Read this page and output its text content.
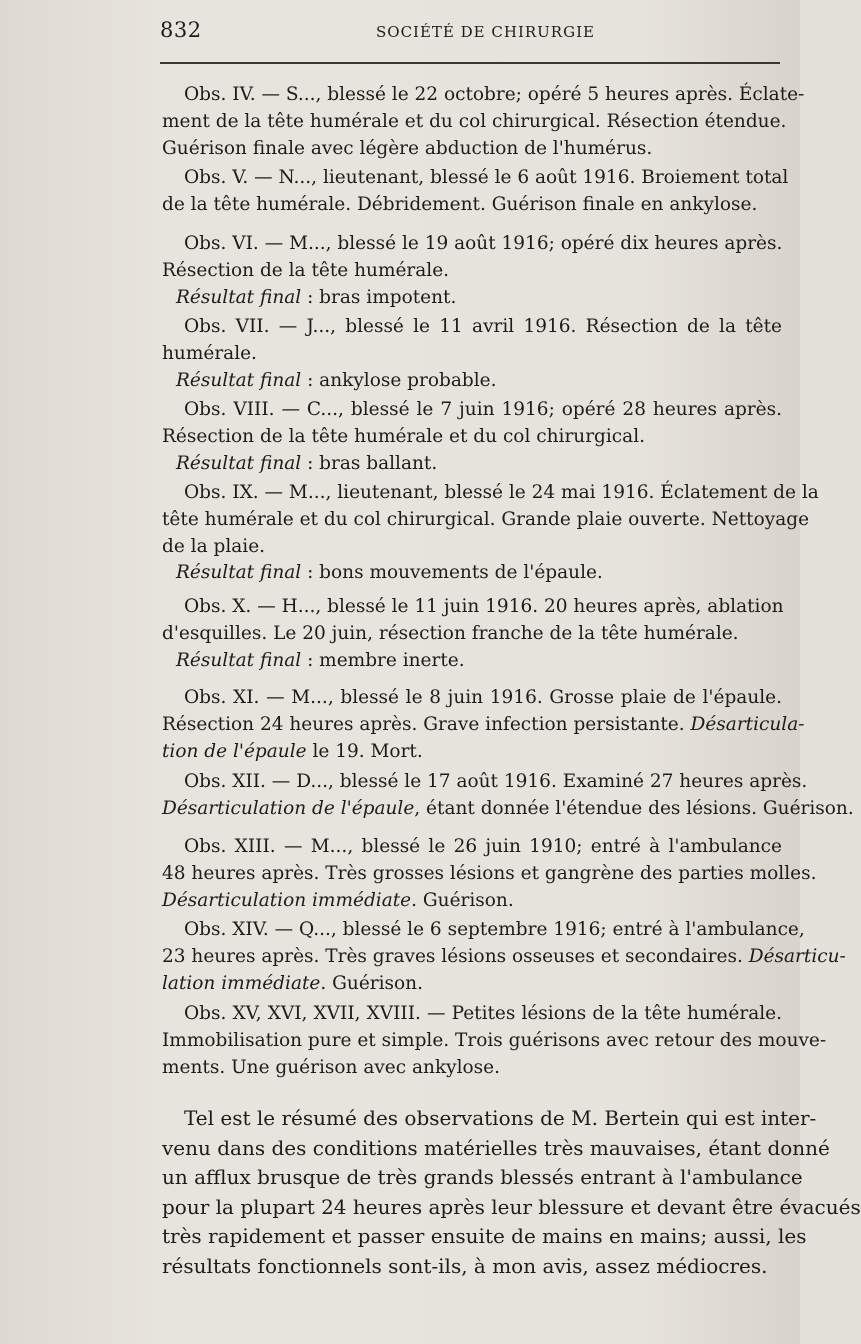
832	SOCIÉTÉ DE CHIRURGIE
Obs. IV. — S..., blessé le 22 octobre; opéré 5 heures après. Éclate-
ment de la tête humérale et du col chirurgical. Résection étendue.
Guérison finale avec légère abduction de l'humérus.
Obs. V. — N..., lieutenant, blessé le 6 août 1916. Broiement total
de la tête humérale. Débridement. Guérison finale en ankylose.
Obs. VI. — M..., blessé le 19 août 1916; opéré dix heures après.
Résection de la tête humérale.
Résultat final : bras impotent.
Obs. VII. — J..., blessé le 11 avril 1916. Résection de la tête
humérale.
Résultat final : ankylose probable.
Obs. VIII. — C..., blessé le 7 juin 1916; opéré 28 heures après.
Résection de la tête humérale et du col chirurgical.
Résultat final : bras ballant.
Obs. IX. — M..., lieutenant, blessé le 24 mai 1916. Éclatement de la
tête humérale et du col chirurgical. Grande plaie ouverte. Nettoyage
de la plaie.
Résultat final : bons mouvements de l'épaule.
Obs. X. — H..., blessé le 11 juin 1916. 20 heures après, ablation
d'esquilles. Le 20 juin, résection franche de la tête humérale.
Résultat final : membre inerte.
Obs. XI. — M..., blessé le 8 juin 1916. Grosse plaie de l'épaule.
Résection 24 heures après. Grave infection persistante. Désarticula-
tion de l'épaule le 19. Mort.
Obs. XII. — D..., blessé le 17 août 1916. Examiné 27 heures après.
Désarticulation de l'épaule, étant donnée l'étendue des lésions. Guérison.
Obs. XIII. — M..., blessé le 26 juin 1910; entré à l'ambulance
48 heures après. Très grosses lésions et gangrène des parties molles.
Désarticulation immédiate. Guérison.
Obs. XIV. — Q..., blessé le 6 septembre 1916; entré à l'ambulance,
23 heures après. Très graves lésions osseuses et secondaires. Désarticu-
lation immédiate. Guérison.
Obs. XV, XVI, XVII, XVIII. — Petites lésions de la tête humérale.
Immobilisation pure et simple. Trois guérisons avec retour des mouve-
ments. Une guérison avec ankylose.
Tel est le résumé des observations de M. Bertein qui est inter-
venu dans des conditions matérielles très mauvaises, étant donné
un afflux brusque de très grands blessés entrant à l'ambulance
pour la plupart 24 heures après leur blessure et devant être évacués
très rapidement et passer ensuite de mains en mains; aussi, les
résultats fonctionnels sont-ils, à mon avis, assez médiocres.
